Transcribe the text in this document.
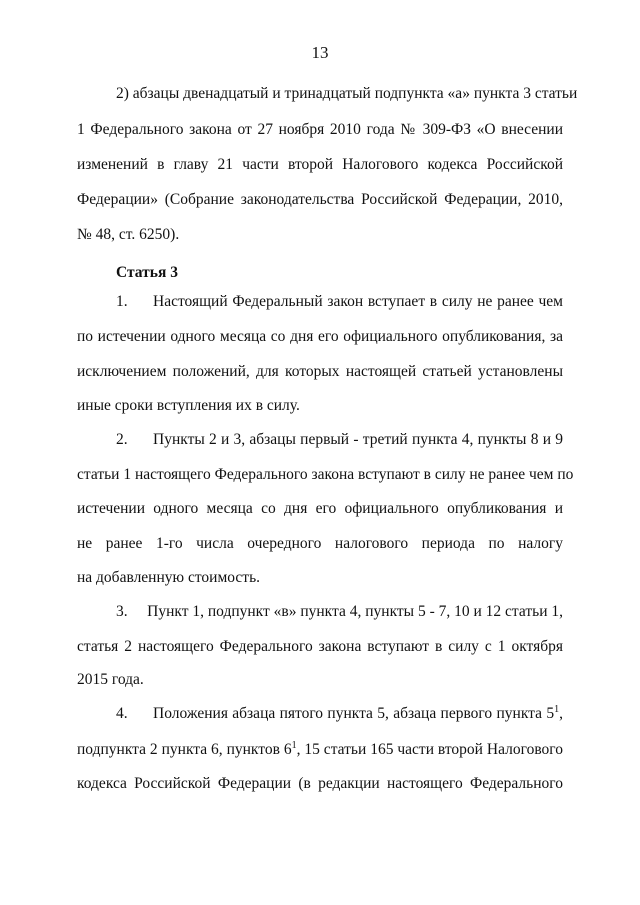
13
2) абзацы двенадцатый и тринадцатый подпункта «а» пункта 3 статьи
1 Федерального закона от 27 ноября 2010 года № 309-ФЗ «О внесении
изменений в главу 21 части второй Налогового кодекса Российской
Федерации» (Собрание законодательства Российской Федерации, 2010,
№ 48, ст. 6250).
Статья 3
1.	Настоящий Федеральный закон вступает в силу не ранее чем
по истечении одного месяца со дня его официального опубликования, за
исключением положений, для которых настоящей статьей установлены
иные сроки вступления их в силу.
2.	Пункты 2 и 3, абзацы первый - третий пункта 4, пункты 8 и 9
статьи 1 настоящего Федерального закона вступают в силу не ранее чем по
истечении одного месяца со дня его официального опубликования и
не ранее 1-го числа очередного налогового периода по налогу
на добавленную стоимость.
3.	Пункт 1, подпункт «в» пункта 4, пункты 5 - 7, 10 и 12 статьи 1,
статья 2 настоящего Федерального закона вступают в силу с 1 октября
2015 года.
4.	Положения абзаца пятого пункта 5, абзаца первого пункта $5^1$,
подпункта 2 пункта 6, пунктов $6^1$, 15 статьи 165 части второй Налогового
кодекса Российской Федерации (в редакции настоящего Федерального
